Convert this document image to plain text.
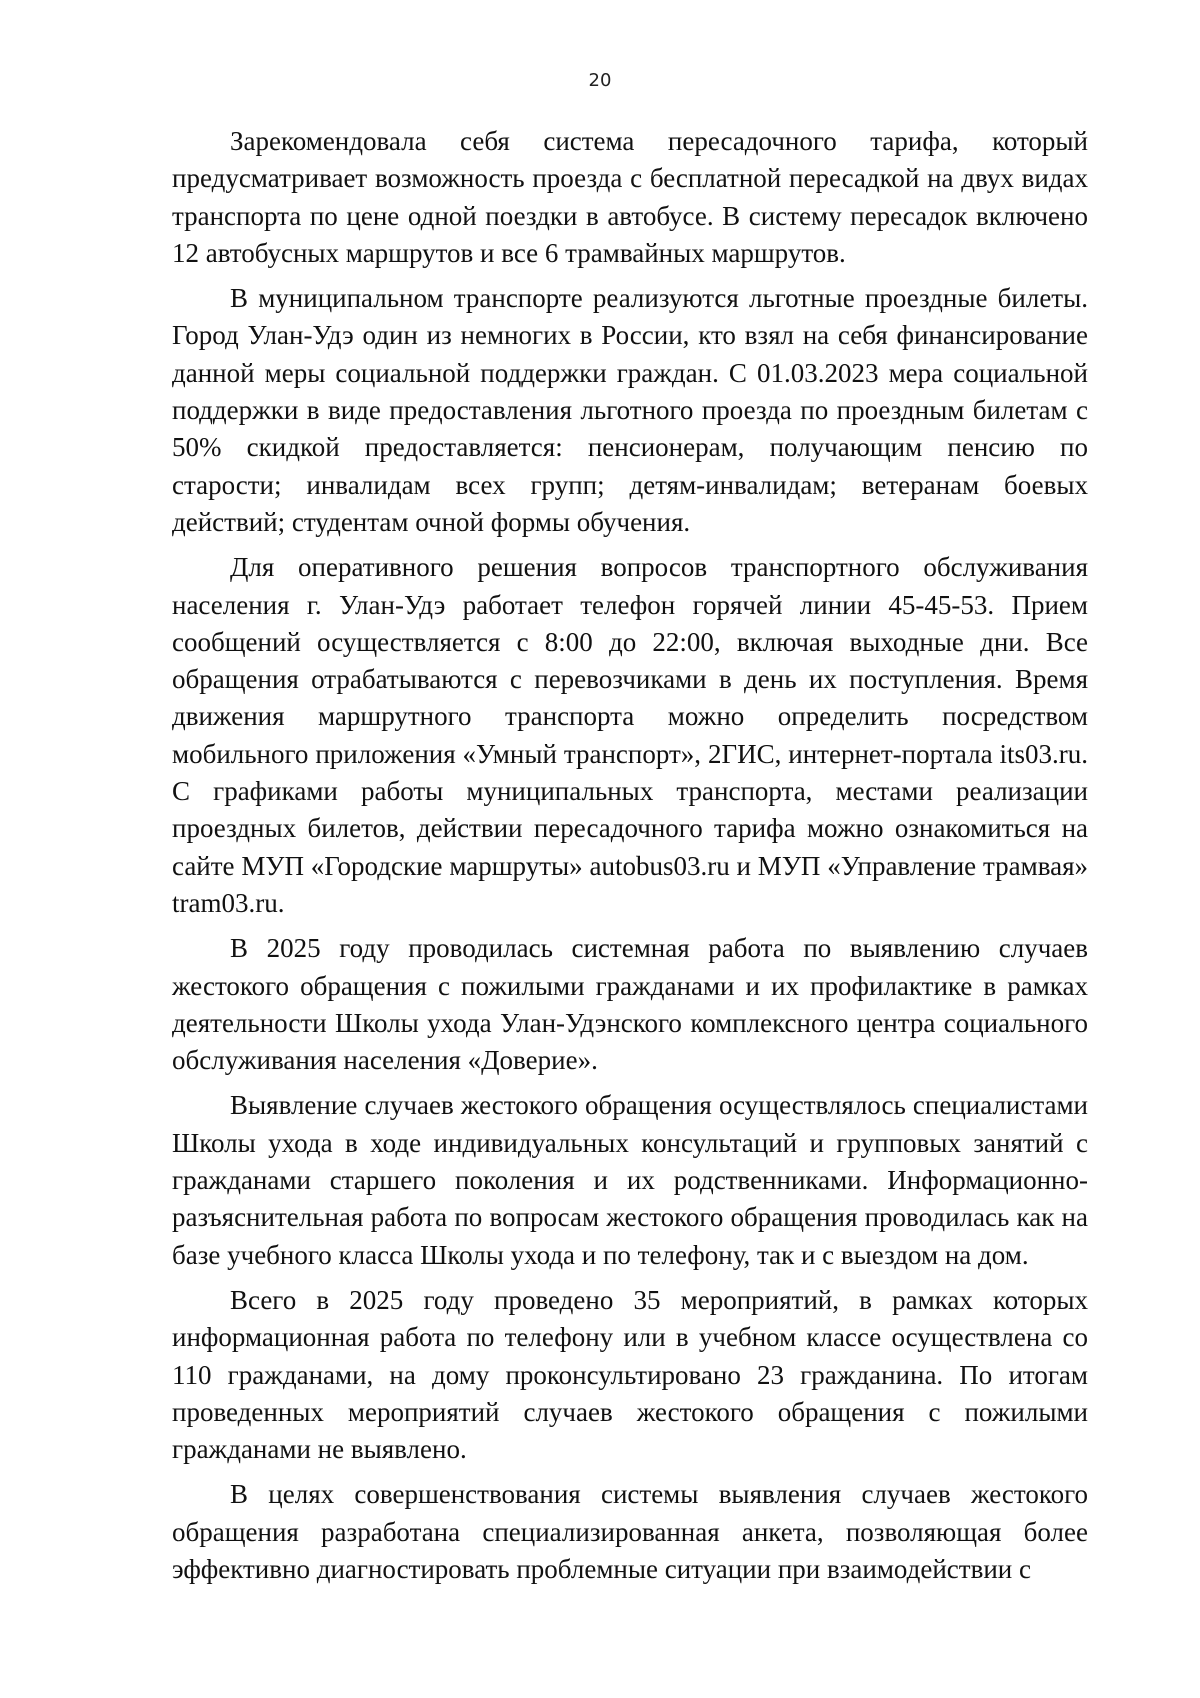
20

Зарекомендовала себя система пересадочного тарифа, который предусматривает возможность проезда с бесплатной пересадкой на двух видах транспорта по цене одной поездки в автобусе. В систему пересадок включено 12 автобусных маршрутов и все 6 трамвайных маршрутов.

В муниципальном транспорте реализуются льготные проездные билеты. Город Улан-Удэ один из немногих в России, кто взял на себя финансирование данной меры социальной поддержки граждан. С 01.03.2023 мера социальной поддержки в виде предоставления льготного проезда по проездным билетам с 50% скидкой предоставляется: пенсионерам, получающим пенсию по старости; инвалидам всех групп; детям-инвалидам; ветеранам боевых действий; студентам очной формы обучения.

Для оперативного решения вопросов транспортного обслуживания населения г. Улан-Удэ работает телефон горячей линии 45-45-53. Прием сообщений осуществляется с 8:00 до 22:00, включая выходные дни. Все обращения отрабатываются с перевозчиками в день их поступления. Время движения маршрутного транспорта можно определить посредством мобильного приложения «Умный транспорт», 2ГИС, интернет-портала its03.ru. С графиками работы муниципальных транспорта, местами реализации проездных билетов, действии пересадочного тарифа можно ознакомиться на сайте МУП «Городские маршруты» autobus03.ru и МУП «Управление трамвая» tram03.ru.

В 2025 году проводилась системная работа по выявлению случаев жестокого обращения с пожилыми гражданами и их профилактике в рамках деятельности Школы ухода Улан-Удэнского комплексного центра социального обслуживания населения «Доверие».

Выявление случаев жестокого обращения осуществлялось специалистами Школы ухода в ходе индивидуальных консультаций и групповых занятий с гражданами старшего поколения и их родственниками. Информационно-разъяснительная работа по вопросам жестокого обращения проводилась как на базе учебного класса Школы ухода и по телефону, так и с выездом на дом.

Всего в 2025 году проведено 35 мероприятий, в рамках которых информационная работа по телефону или в учебном классе осуществлена со 110 гражданами, на дому проконсультировано 23 гражданина. По итогам проведенных мероприятий случаев жестокого обращения с пожилыми гражданами не выявлено.

В целях совершенствования системы выявления случаев жестокого обращения разработана специализированная анкета, позволяющая более эффективно диагностировать проблемные ситуации при взаимодействии с
